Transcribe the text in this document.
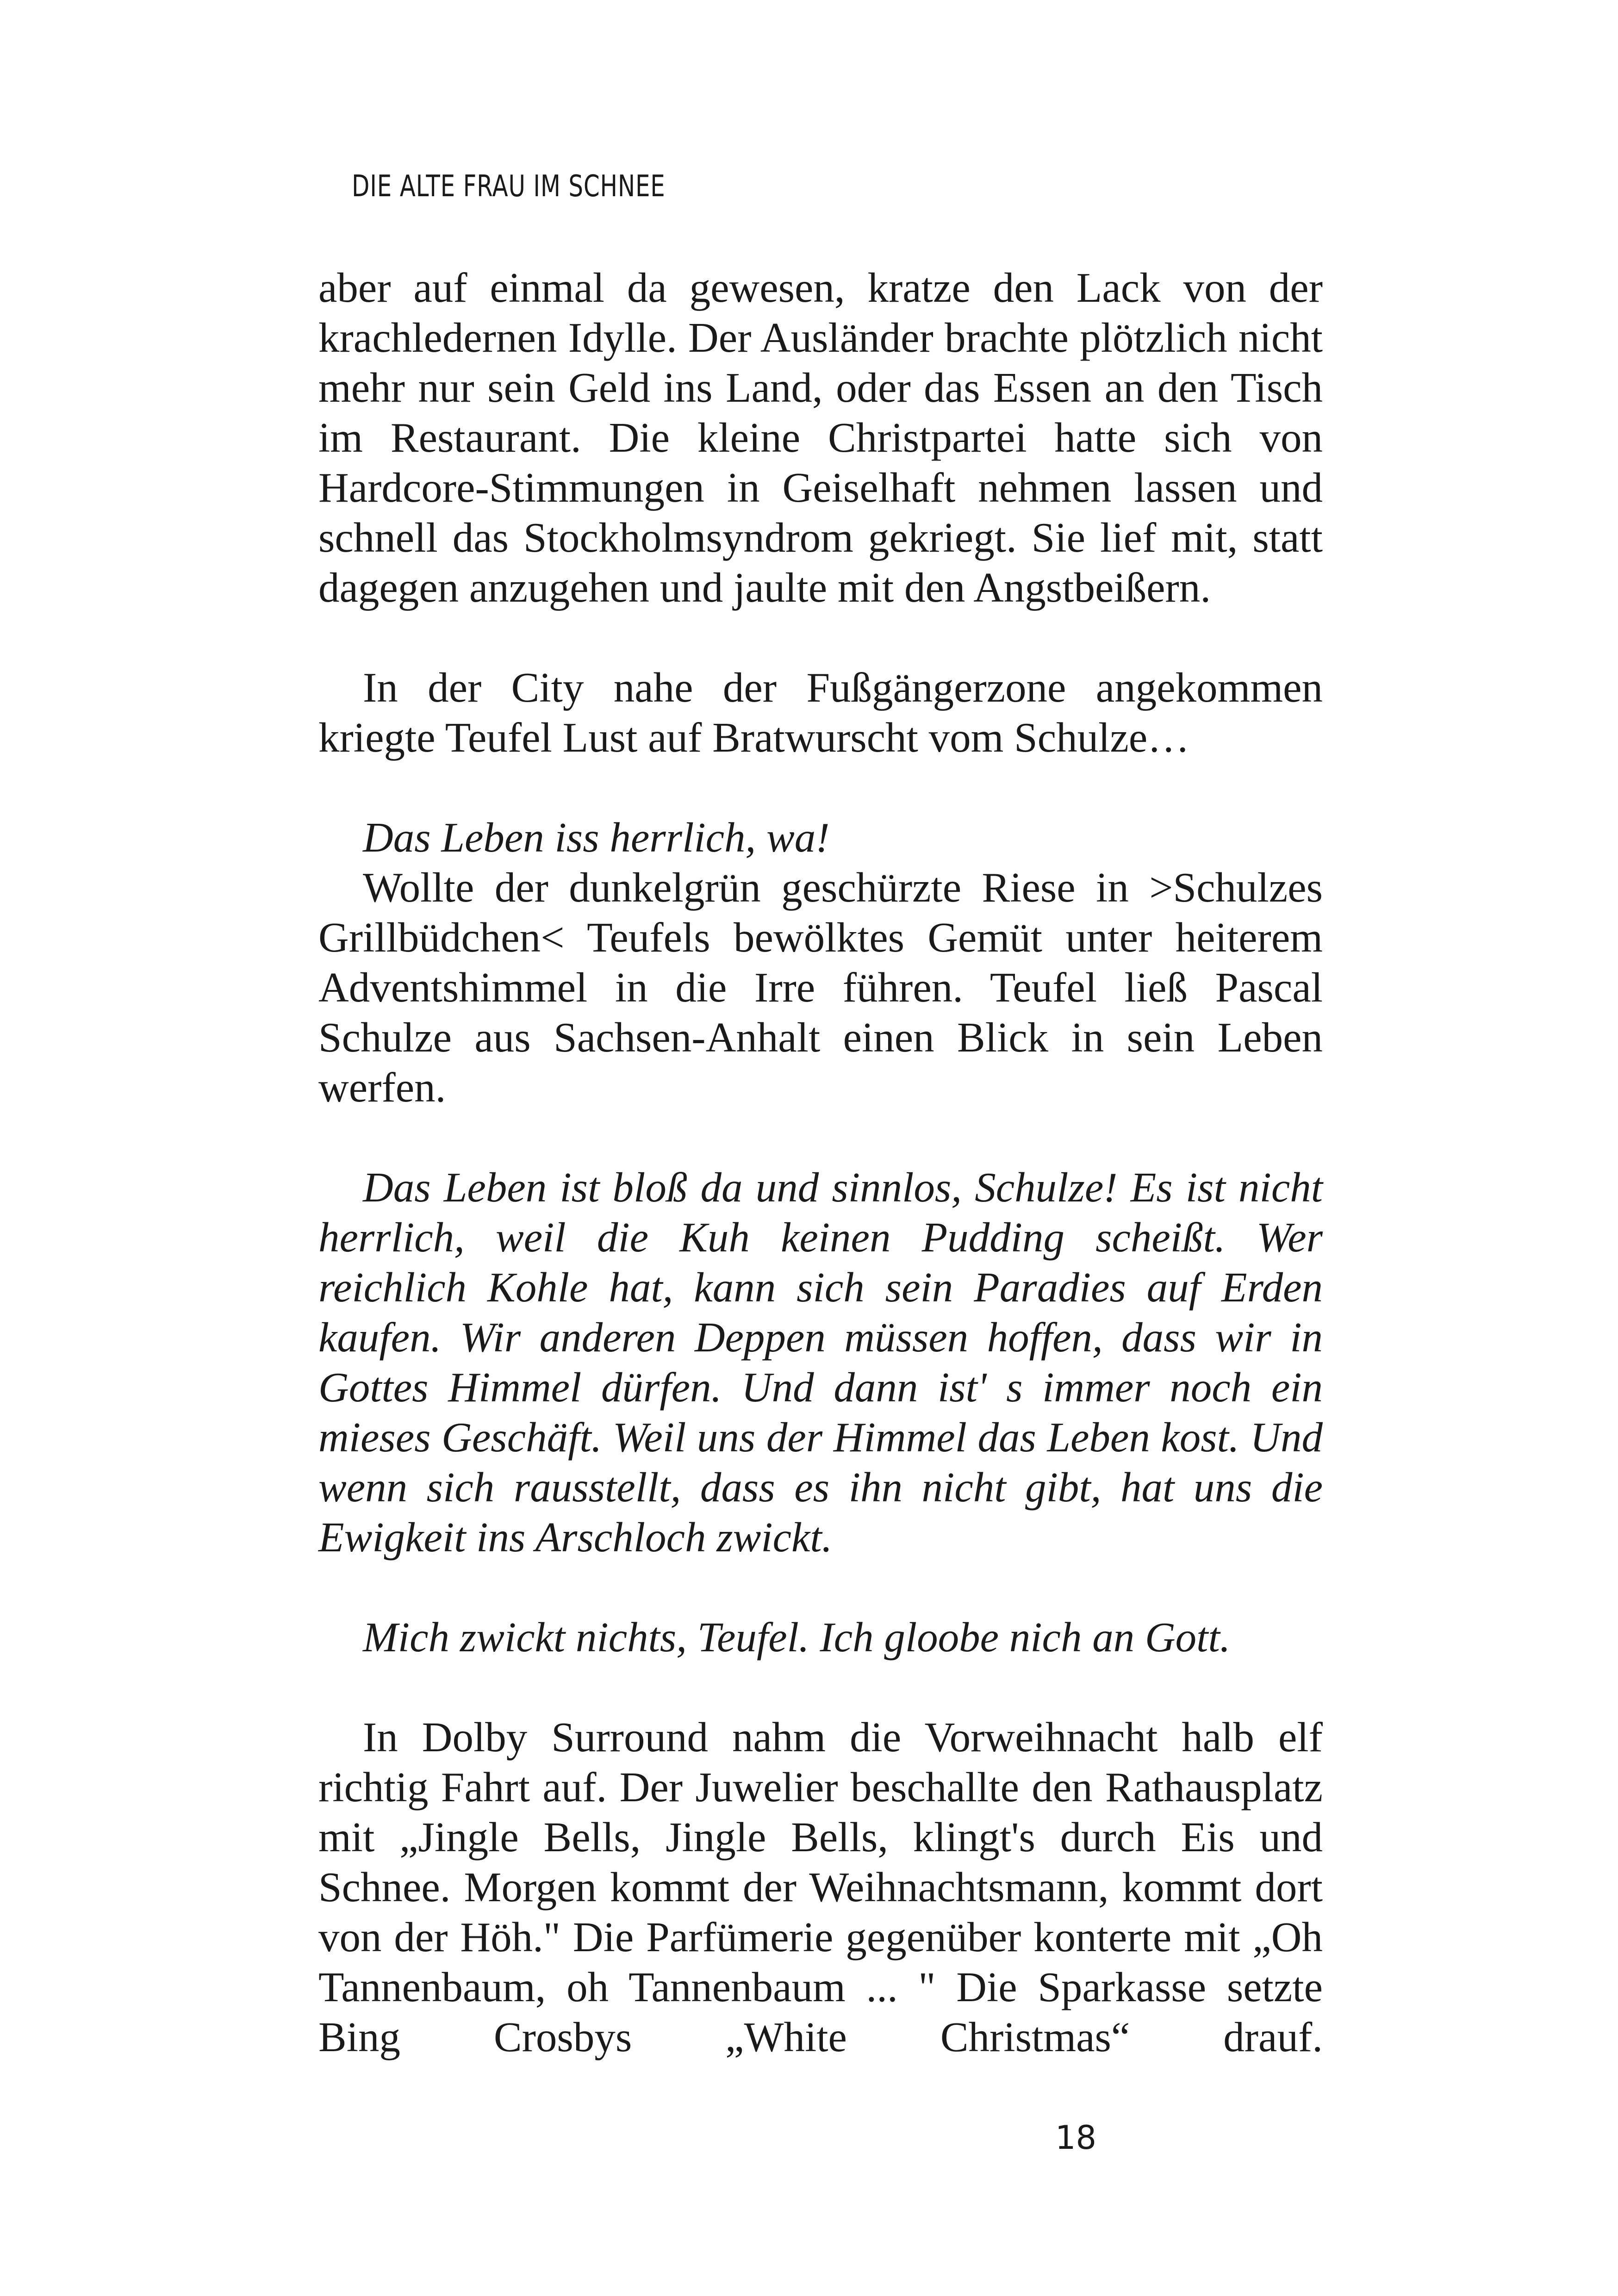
DIE ALTE FRAU IM SCHNEE

aber auf einmal da gewesen, kratze den Lack von der krachledernen Idylle. Der Ausländer brachte plötzlich nicht mehr nur sein Geld ins Land, oder das Essen an den Tisch im Restaurant. Die kleine Christpartei hatte sich von Hardcore-Stimmungen in Geiselhaft nehmen lassen und schnell das Stockholmsyndrom gekriegt. Sie lief mit, statt dagegen anzugehen und jaulte mit den Angstbeißern.

In der City nahe der Fußgängerzone angekommen kriegte Teufel Lust auf Bratwurscht vom Schulze…

Das Leben iss herrlich, wa!

Wollte der dunkelgrün geschürzte Riese in >Schulzes Grillbüdchen< Teufels bewölktes Gemüt unter heiterem Adventshimmel in die Irre führen. Teufel ließ Pascal Schulze aus Sachsen-Anhalt einen Blick in sein Leben werfen.

Das Leben ist bloß da und sinnlos, Schulze! Es ist nicht herrlich, weil die Kuh keinen Pudding scheißt. Wer reichlich Kohle hat, kann sich sein Paradies auf Erden kaufen. Wir anderen Deppen müssen hoffen, dass wir in Gottes Himmel dürfen. Und dann ist' s immer noch ein mieses Geschäft. Weil uns der Himmel das Leben kost. Und wenn sich rausstellt, dass es ihn nicht gibt, hat uns die Ewigkeit ins Arschloch zwickt.

Mich zwickt nichts, Teufel. Ich gloobe nich an Gott.

In Dolby Surround nahm die Vorweihnacht halb elf richtig Fahrt auf. Der Juwelier beschallte den Rathausplatz mit „Jingle Bells, Jingle Bells, klingt's durch Eis und Schnee. Morgen kommt der Weihnachtsmann, kommt dort von der Höh." Die Parfümerie gegenüber konterte mit „Oh Tannenbaum, oh Tannenbaum ... " Die Sparkasse setzte Bing Crosbys „White Christmas“ drauf.

18
